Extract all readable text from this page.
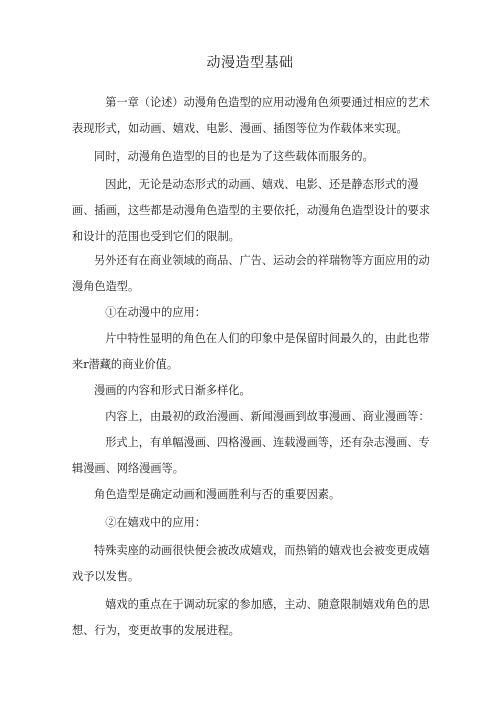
动漫造型基础

　第一章（论述）动漫角色造型的应用动漫角色须要通过相应的艺术表现形式，如动画、嬉戏、电影、漫画、插图等位为作载体来实现。

同时，动漫角色造型的目的也是为了这些载体而服务的。

　因此，无论是动态形式的动画、嬉戏、电影、还是静态形式的漫画、插画，这些都是动漫角色造型的主要依托，动漫角色造型设计的要求和设计的范围也受到它们的限制。

另外还有在商业领域的商品、广告、运动会的祥瑞物等方面应用的动漫角色造型。

　①在动漫中的应用：

　片中特性显明的角色在人们的印象中是保留时间最久的，由此也带来r潜藏的商业价值。

漫画的内容和形式日渐多样化。

　内容上，由最初的政治漫画、新闻漫画到故事漫画、商业漫画等：

　形式上，有单幅漫画、四格漫画、连载漫画等，还有杂志漫画、专辑漫画、网络漫画等。

角色造型是确定动画和漫画胜利与否的重要因素。

　②在嬉戏中的应用：

特殊卖座的动画很快便会被改成嬉戏，而热销的嬉戏也会被变更成嬉戏予以发售。

　嬉戏的重点在于调动玩家的参加感，主动、随意限制嬉戏角色的思想、行为，变更故事的发展进程。
